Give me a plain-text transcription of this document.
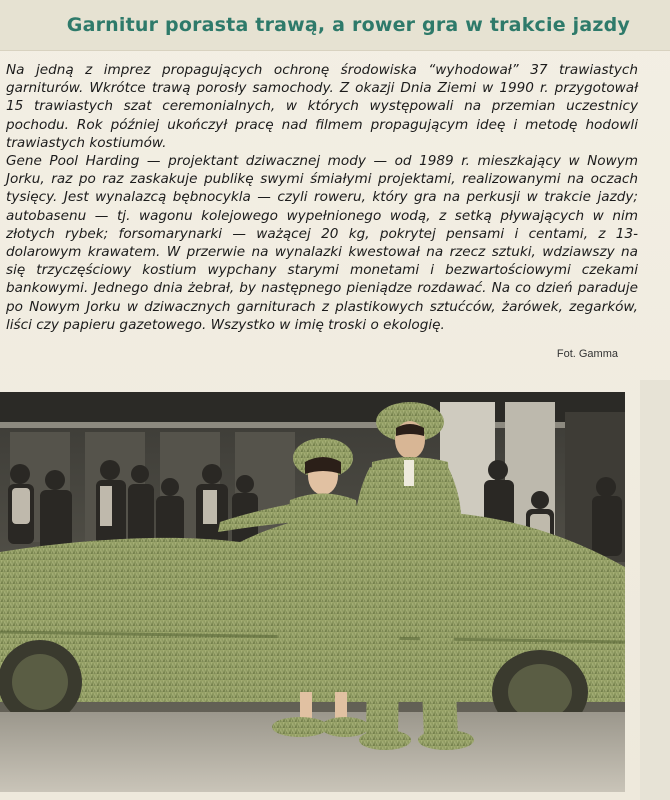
Garnitur porasta trawą, a rower gra w trakcie jazdy

Na jedną z imprez propagujących ochronę środowiska “wyhodował” 37 trawiastych garniturów. Wkrótce trawą porosły samochody. Z okazji Dnia Ziemi w 1990 r. przygotował 15 trawiastych szat ceremonialnych, w których występowali na przemian uczestnicy pochodu. Rok później ukończył pracę nad filmem propagującym ideę i metodę hodowli trawiastych kostiumów.

Gene Pool Harding — projektant dziwacznej mody — od 1989 r. mieszkający w Nowym Jorku, raz po raz zaskakuje publikę swymi śmiałymi projektami, realizowanymi na oczach tysięcy. Jest wynalazcą bębnocykla — czyli roweru, który gra na perkusji w trakcie jazdy; autobasenu — tj. wagonu kolejowego wypełnionego wodą, z setką pływających w nim złotych rybek; forsomarynarki — ważącej 20 kg, pokrytej pensami i centami, z 13-dolarowym krawatem. W przerwie na wynalazki kwestował na rzecz sztuki, wdziawszy na się trzyczęściowy kostium wypchany starymi monetami i bezwartościowymi czekami bankowymi. Jednego dnia żebrał, by następnego pieniądze rozdawać. Na co dzień paraduje po Nowym Jorku w dziwacznych garniturach z plastikowych sztućców, żarówek, zegarków, liści czy papieru gazetowego. Wszystko w imię troski o ekologię.

Fot. Gamma
